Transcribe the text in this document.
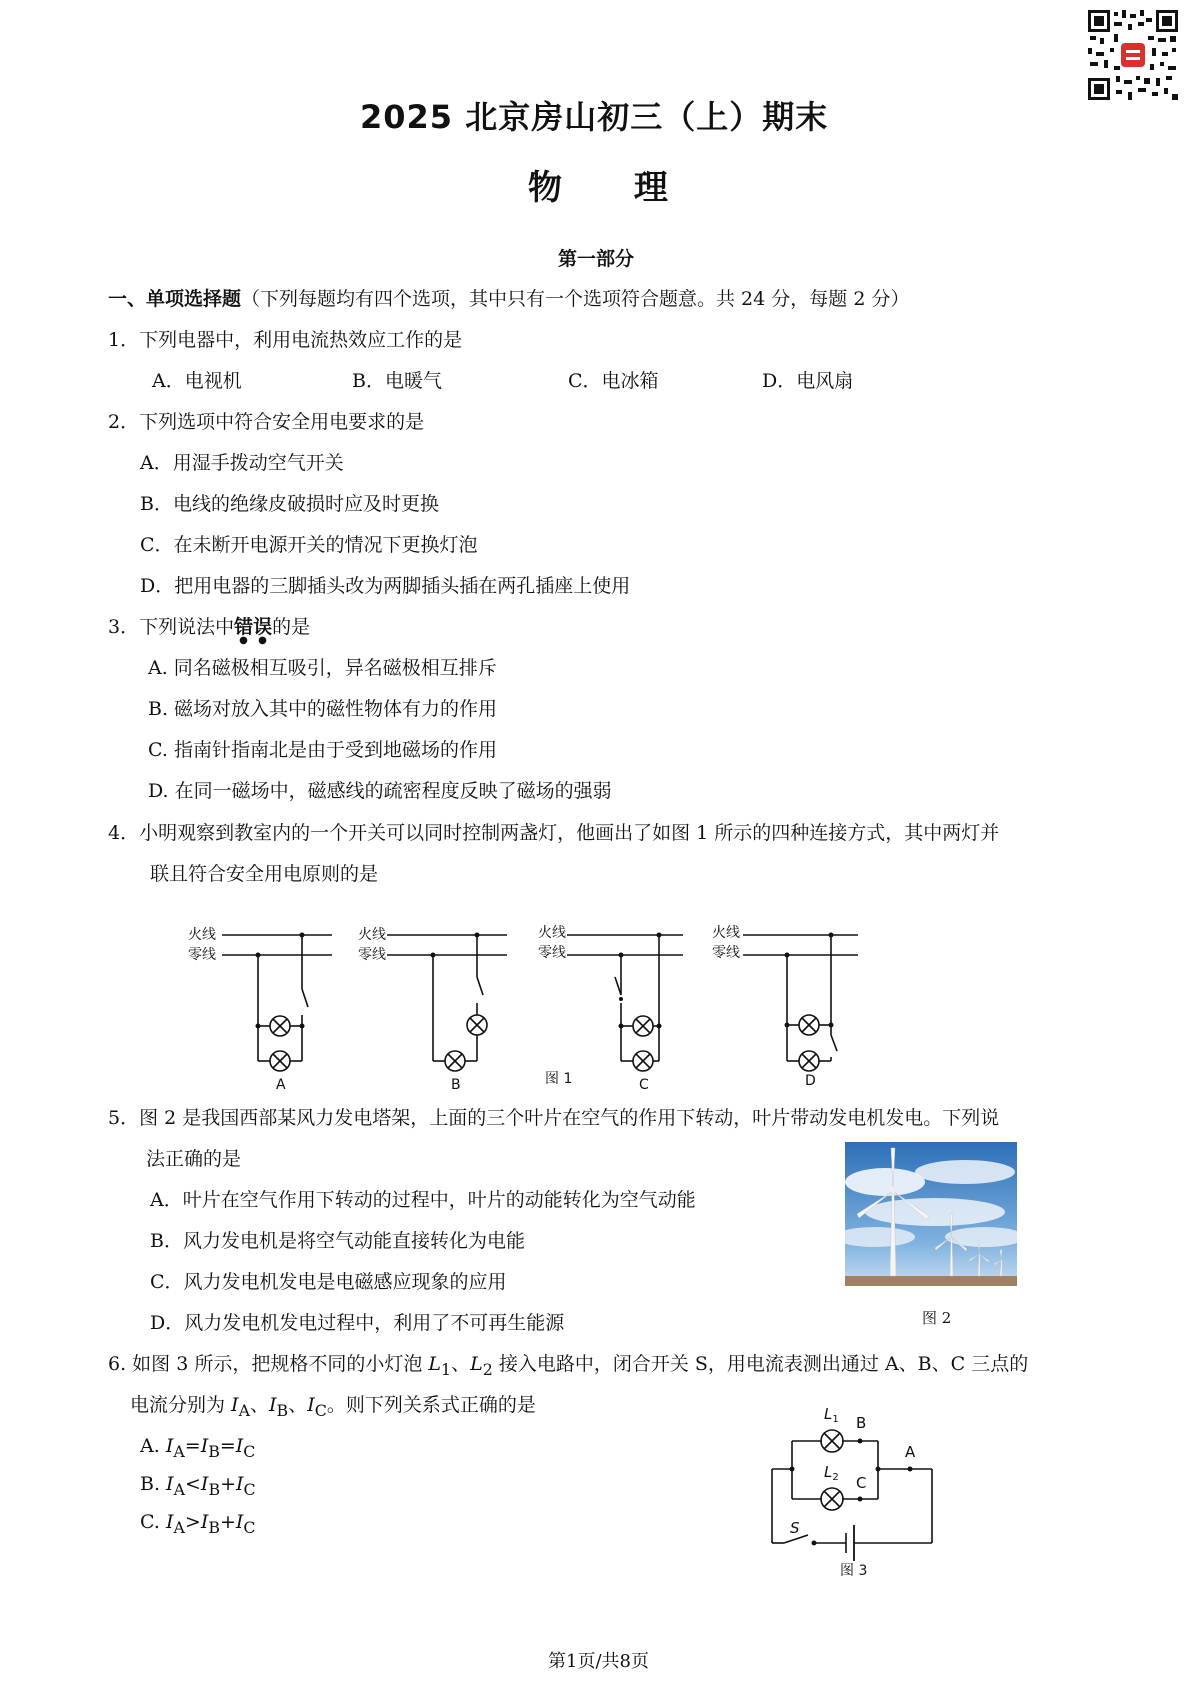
2025 北京房山初三（上）期末
物 理
第一部分
一、单项选择题（下列每题均有四个选项，其中只有一个选项符合题意。共 24 分，每题 2 分）
1．下列电器中，利用电流热效应工作的是
A．电视机	B．电暖气	C．电冰箱	D．电风扇
2．下列选项中符合安全用电要求的是
A．用湿手拨动空气开关
B．电线的绝缘皮破损时应及时更换
C．在未断开电源开关的情况下更换灯泡
D．把用电器的三脚插头改为两脚插头插在两孔插座上使用
3．下列说法中错误
● ●
的是
A. 同名磁极相互吸引，异名磁极相互排斥
B. 磁场对放入其中的磁性物体有力的作用
C. 指南针指南北是由于受到地磁场的作用
D. 在同一磁场中，磁感线的疏密程度反映了磁场的强弱
4．小明观察到教室内的一个开关可以同时控制两盏灯，他画出了如图 1 所示的四种连接方式，其中两灯并
联且符合安全用电原则的是
火线
零线
火线
零线
火线
零线
火线
零线
A	B	C	D
图 1
5．图 2 是我国西部某风力发电塔架，上面的三个叶片在空气的作用下转动，叶片带动发电机发电。下列说
法正确的是
A．叶片在空气作用下转动的过程中，叶片的动能转化为空气动能
B．风力发电机是将空气动能直接转化为电能
C．风力发电机发电是电磁感应现象的应用
D．风力发电机发电过程中，利用了不可再生能源	图 2
6. 如图 3 所示，把规格不同的小灯泡 $L_1$、$L_2$ 接入电路中，闭合开关 S，用电流表测出通过 A、B、C 三点的
电流分别为 $I_A$、$I_B$、$I_C$。则下列关系式正确的是
A. $I_A=I_B=I_C$
B. $I_A<I_B+I_C$
C. $I_A>I_B+I_C$
$L_1$
$L_2$
B
C
A
S
图 3
第1页/共8页
